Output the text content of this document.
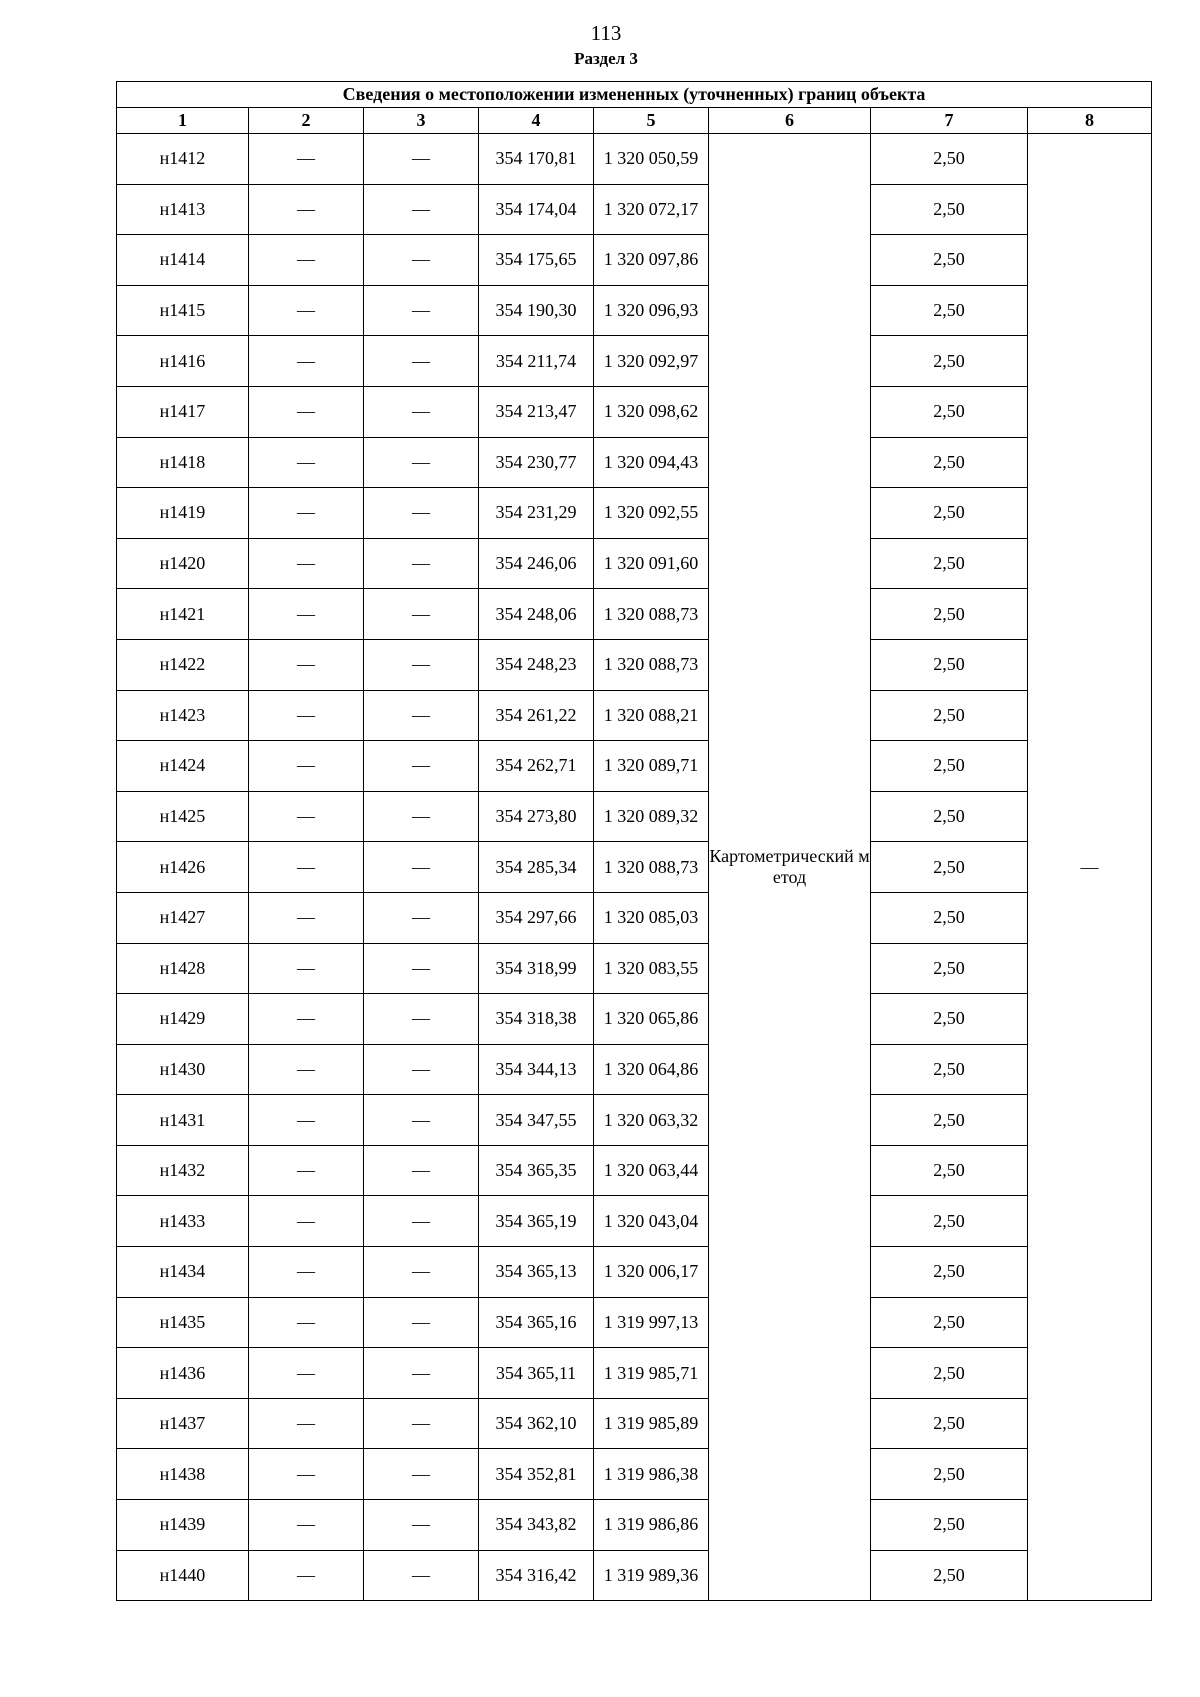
113
Раздел 3
Сведения о местоположении измененных (уточненных) границ объекта							
1	2	3	4	5	6	7	8
н1412	—	—	354 170,81	1 320 050,59	Картометрический метод	2,50	—
н1413	—	—	354 174,04	1 320 072,17		2,50	
н1414	—	—	354 175,65	1 320 097,86		2,50	
н1415	—	—	354 190,30	1 320 096,93		2,50	
н1416	—	—	354 211,74	1 320 092,97		2,50	
н1417	—	—	354 213,47	1 320 098,62		2,50	
н1418	—	—	354 230,77	1 320 094,43		2,50	
н1419	—	—	354 231,29	1 320 092,55		2,50	
н1420	—	—	354 246,06	1 320 091,60		2,50	
н1421	—	—	354 248,06	1 320 088,73		2,50	
н1422	—	—	354 248,23	1 320 088,73		2,50	
н1423	—	—	354 261,22	1 320 088,21		2,50	
н1424	—	—	354 262,71	1 320 089,71		2,50	
н1425	—	—	354 273,80	1 320 089,32		2,50	
н1426	—	—	354 285,34	1 320 088,73		2,50	
н1427	—	—	354 297,66	1 320 085,03		2,50	
н1428	—	—	354 318,99	1 320 083,55		2,50	
н1429	—	—	354 318,38	1 320 065,86		2,50	
н1430	—	—	354 344,13	1 320 064,86		2,50	
н1431	—	—	354 347,55	1 320 063,32		2,50	
н1432	—	—	354 365,35	1 320 063,44		2,50	
н1433	—	—	354 365,19	1 320 043,04		2,50	
н1434	—	—	354 365,13	1 320 006,17		2,50	
н1435	—	—	354 365,16	1 319 997,13		2,50	
н1436	—	—	354 365,11	1 319 985,71		2,50	
н1437	—	—	354 362,10	1 319 985,89		2,50	
н1438	—	—	354 352,81	1 319 986,38		2,50	
н1439	—	—	354 343,82	1 319 986,86		2,50	
н1440	—	—	354 316,42	1 319 989,36		2,50	
